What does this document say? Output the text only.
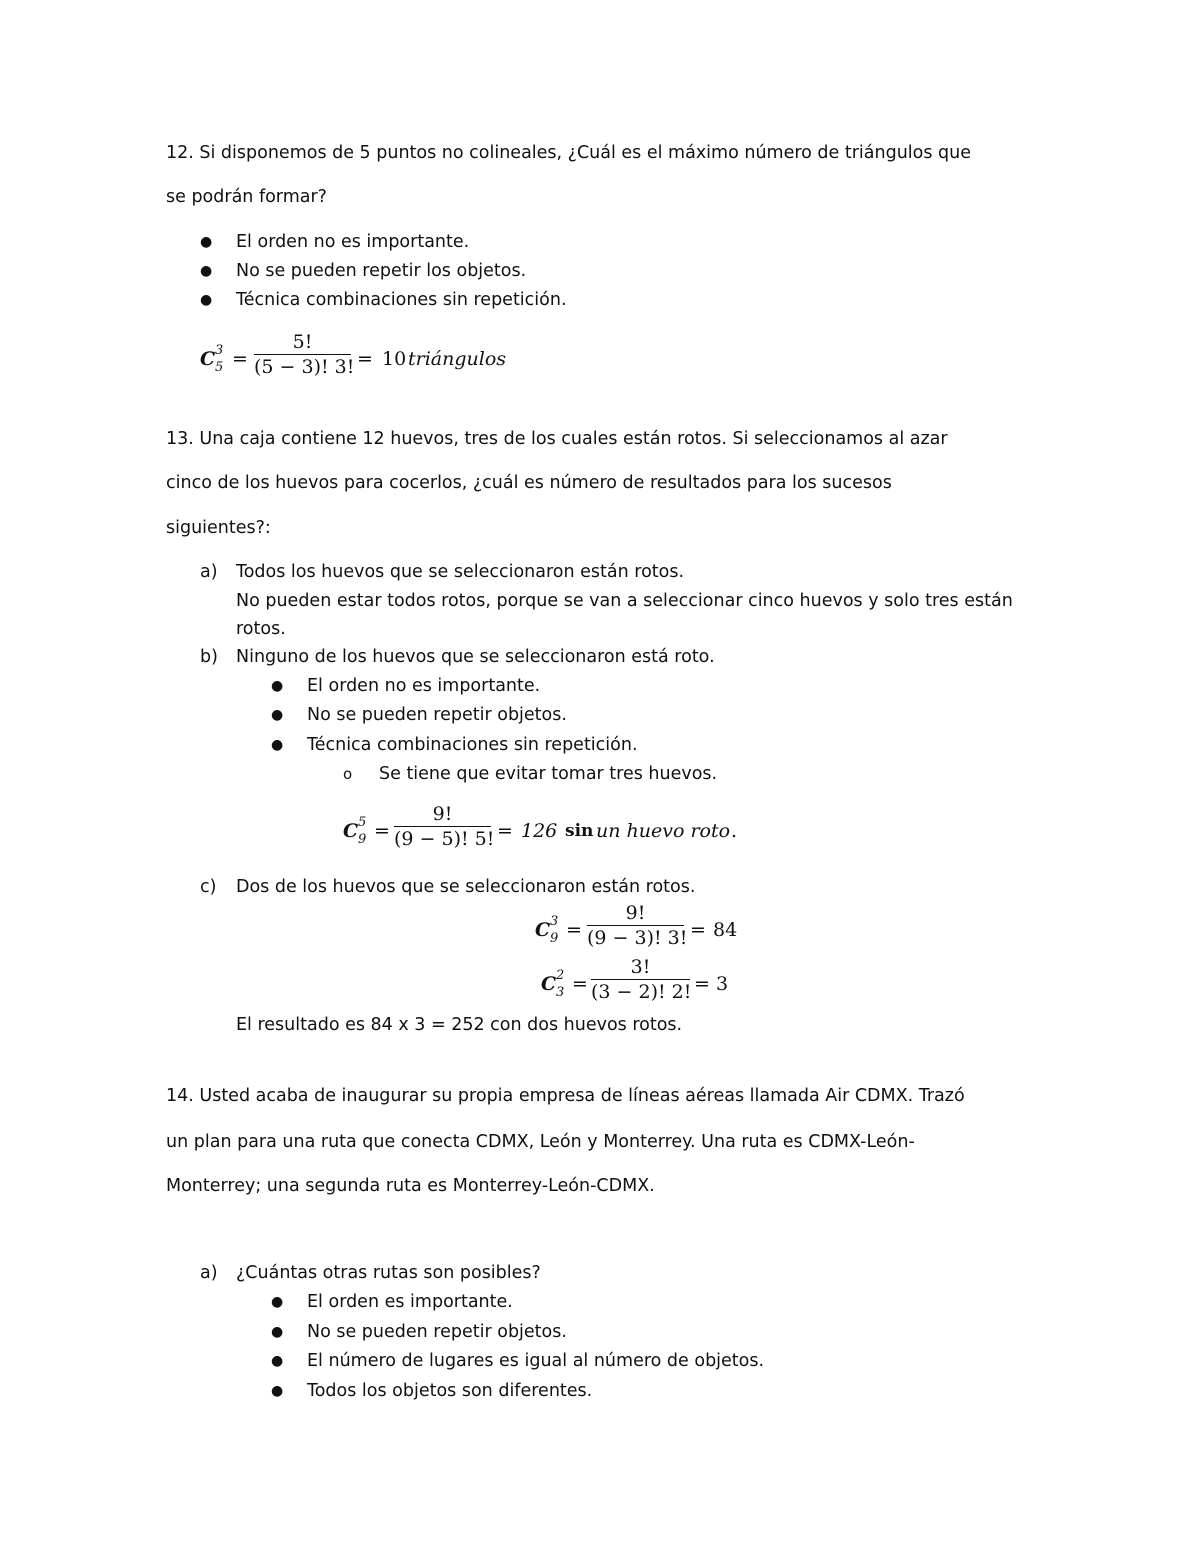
12. Si disponemos de 5 puntos no colineales, ¿Cuál es el máximo número de triángulos que
se podrán formar?
● El orden no es importante.
● No se pueden repetir los objetos.
● Técnica combinaciones sin repetición.
C 3
5 =
5!
(5 − 3)! 3! = 10 triángulos
13. Una caja contiene 12 huevos, tres de los cuales están rotos. Si seleccionamos al azar
cinco de los huevos para cocerlos, ¿cuál es número de resultados para los sucesos
siguientes?:
a) Todos los huevos que se seleccionaron están rotos.
No pueden estar todos rotos, porque se van a seleccionar cinco huevos y solo tres están
rotos.
b) Ninguno de los huevos que se seleccionaron está roto.
● El orden no es importante.
● No se pueden repetir objetos.
● Técnica combinaciones sin repetición.
o Se tiene que evitar tomar tres huevos.
C 5
9 =
9!
(9 − 5)! 5! = 126 sin un huevo roto .
c) Dos de los huevos que se seleccionaron están rotos.
C 3
9 =
9!
(9 − 3)! 3! = 84
C 2
3 =
3!
(3 − 2)! 2! = 3
El resultado es 84 x 3 = 252 con dos huevos rotos.
14. Usted acaba de inaugurar su propia empresa de líneas aéreas llamada Air CDMX. Trazó
un plan para una ruta que conecta CDMX, León y Monterrey. Una ruta es CDMX-León-
Monterrey; una segunda ruta es Monterrey-León-CDMX.
a) ¿Cuántas otras rutas son posibles?
● El orden es importante.
● No se pueden repetir objetos.
● El número de lugares es igual al número de objetos.
● Todos los objetos son diferentes.
